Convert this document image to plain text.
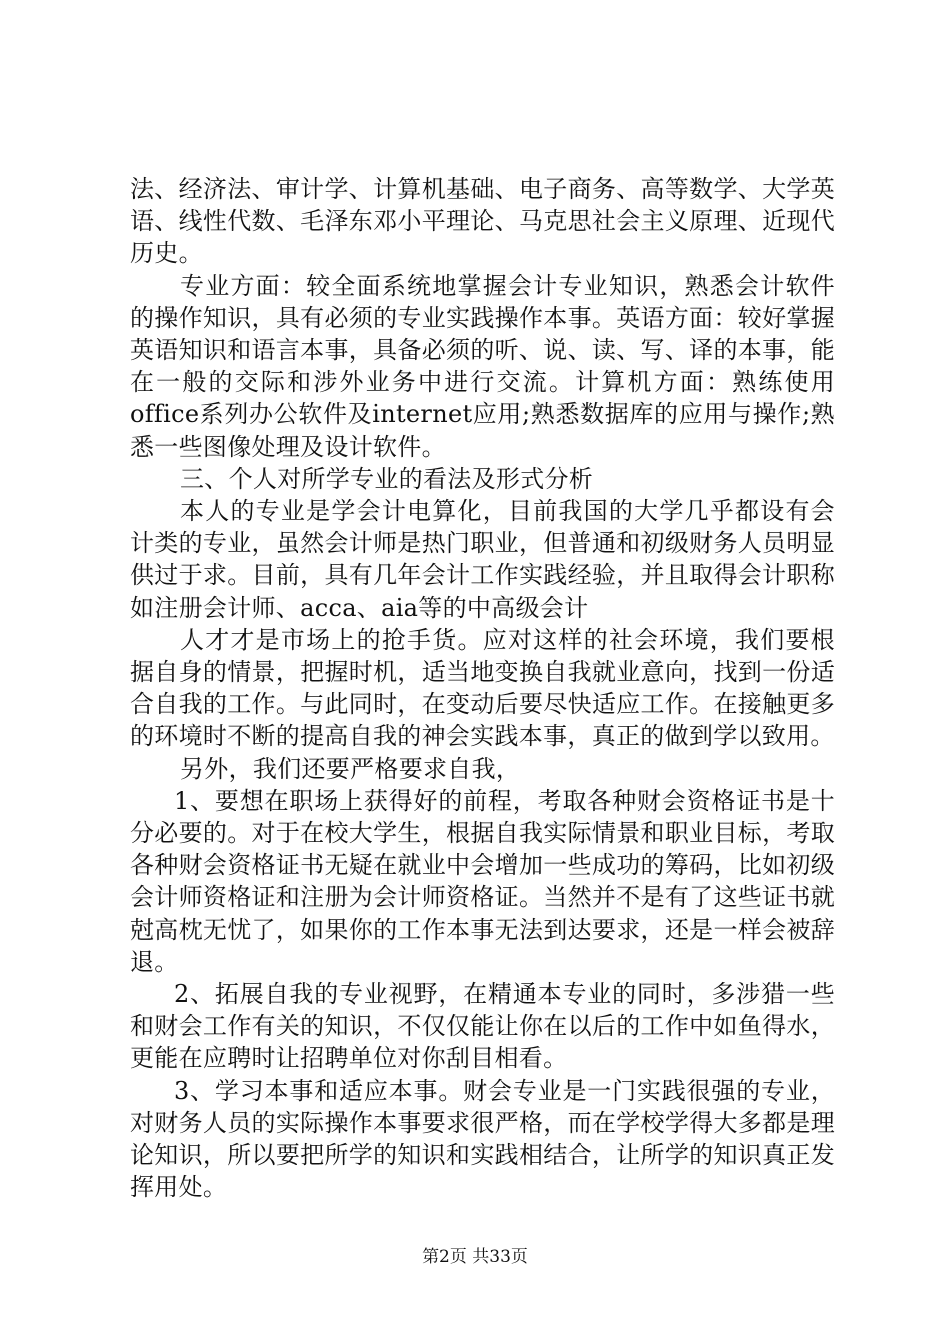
法、经济法、审计学、计算机基础、电子商务、高等数学、大学英语、线性代数、毛泽东邓小平理论、马克思社会主义原理、近现代历史。

专业方面：较全面系统地掌握会计专业知识，熟悉会计软件的操作知识，具有必须的专业实践操作本事。英语方面：较好掌握英语知识和语言本事，具备必须的听、说、读、写、译的本事，能在一般的交际和涉外业务中进行交流。计算机方面：熟练使用office系列办公软件及internet应用;熟悉数据库的应用与操作;熟悉一些图像处理及设计软件。

三、个人对所学专业的看法及形式分析

本人的专业是学会计电算化，目前我国的大学几乎都设有会计类的专业，虽然会计师是热门职业，但普通和初级财务人员明显供过于求。目前，具有几年会计工作实践经验，并且取得会计职称如注册会计师、acca、aia等的中高级会计

人才才是市场上的抢手货。应对这样的社会环境，我们要根据自身的情景，把握时机，适当地变换自我就业意向，找到一份适合自我的工作。与此同时，在变动后要尽快适应工作。在接触更多的环境时不断的提高自我的神会实践本事，真正的做到学以致用。

另外，我们还要严格要求自我，

1、要想在职场上获得好的前程，考取各种财会资格证书是十分必要的。对于在校大学生，根据自我实际情景和职业目标，考取各种财会资格证书无疑在就业中会增加一些成功的筹码，比如初级会计师资格证和注册为会计师资格证。当然并不是有了这些证书就尅高枕无忧了，如果你的工作本事无法到达要求，还是一样会被辞退。

2、拓展自我的专业视野，在精通本专业的同时，多涉猎一些和财会工作有关的知识，不仅仅能让你在以后的工作中如鱼得水，更能在应聘时让招聘单位对你刮目相看。

3、学习本事和适应本事。财会专业是一门实践很强的专业，对财务人员的实际操作本事要求很严格，而在学校学得大多都是理论知识，所以要把所学的知识和实践相结合，让所学的知识真正发挥用处。

第2页 共33页
